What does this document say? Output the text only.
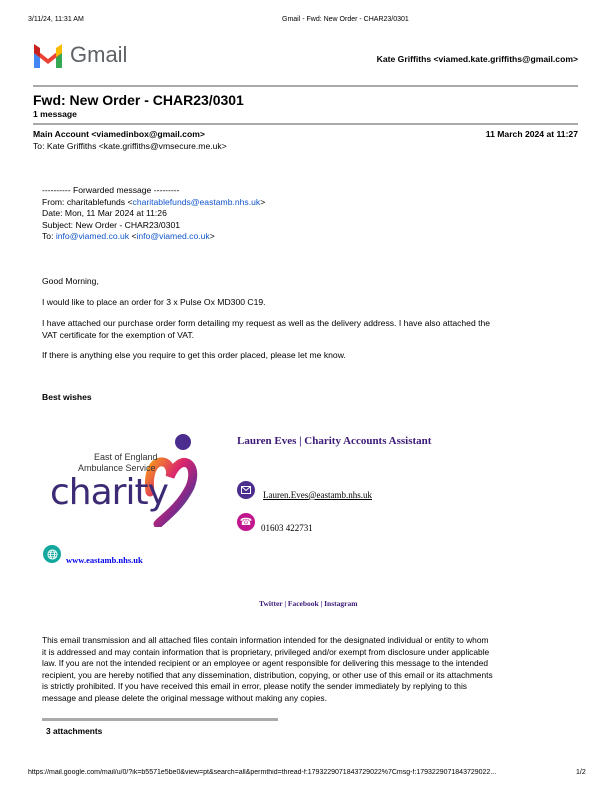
3/11/24, 11:31 AM	Gmail - Fwd: New Order - CHAR23/0301
Gmail	Kate Griffiths <viamed.kate.griffiths@gmail.com>
Fwd: New Order - CHAR23/0301
1 message
Main Account <viamedinbox@gmail.com>	11 March 2024 at 11:27
To: Kate Griffiths <kate.griffiths@vmsecure.me.uk>
---------- Forwarded message ---------
From: charitablefunds <charitablefunds@eastamb.nhs.uk>
Date: Mon, 11 Mar 2024 at 11:26
Subject: New Order - CHAR23/0301
To: info@viamed.co.uk <info@viamed.co.uk>
Good Morning,
I would like to place an order for 3 x Pulse Ox MD300 C19.
I have attached our purchase order form detailing my request as well as the delivery address. I have also attached the
VAT certificate for the exemption of VAT.
If there is anything else you require to get this order placed, please let me know.
Best wishes
East of England
Ambulance Service
charity
Lauren Eves | Charity Accounts Assistant
Lauren.Eves@eastamb.nhs.uk
☎
01603 422731
www.eastamb.nhs.uk
Twitter | Facebook | Instagram
This email transmission and all attached files contain information intended for the designated individual or entity to whom
it is addressed and may contain information that is proprietary, privileged and/or exempt from disclosure under applicable
law. If you are not the intended recipient or an employee or agent responsible for delivering this message to the intended
recipient, you are hereby notified that any dissemination, distribution, copying, or other use of this email or its attachments
is strictly prohibited. If you have received this email in error, please notify the sender immediately by replying to this
message and please delete the original message without making any copies.
3 attachments
https://mail.google.com/mail/u/0/?ik=b5571e5be0&view=pt&search=all&permthid=thread-f:1793229071843729022%7Cmsg-f:1793229071843729022...	1/2
